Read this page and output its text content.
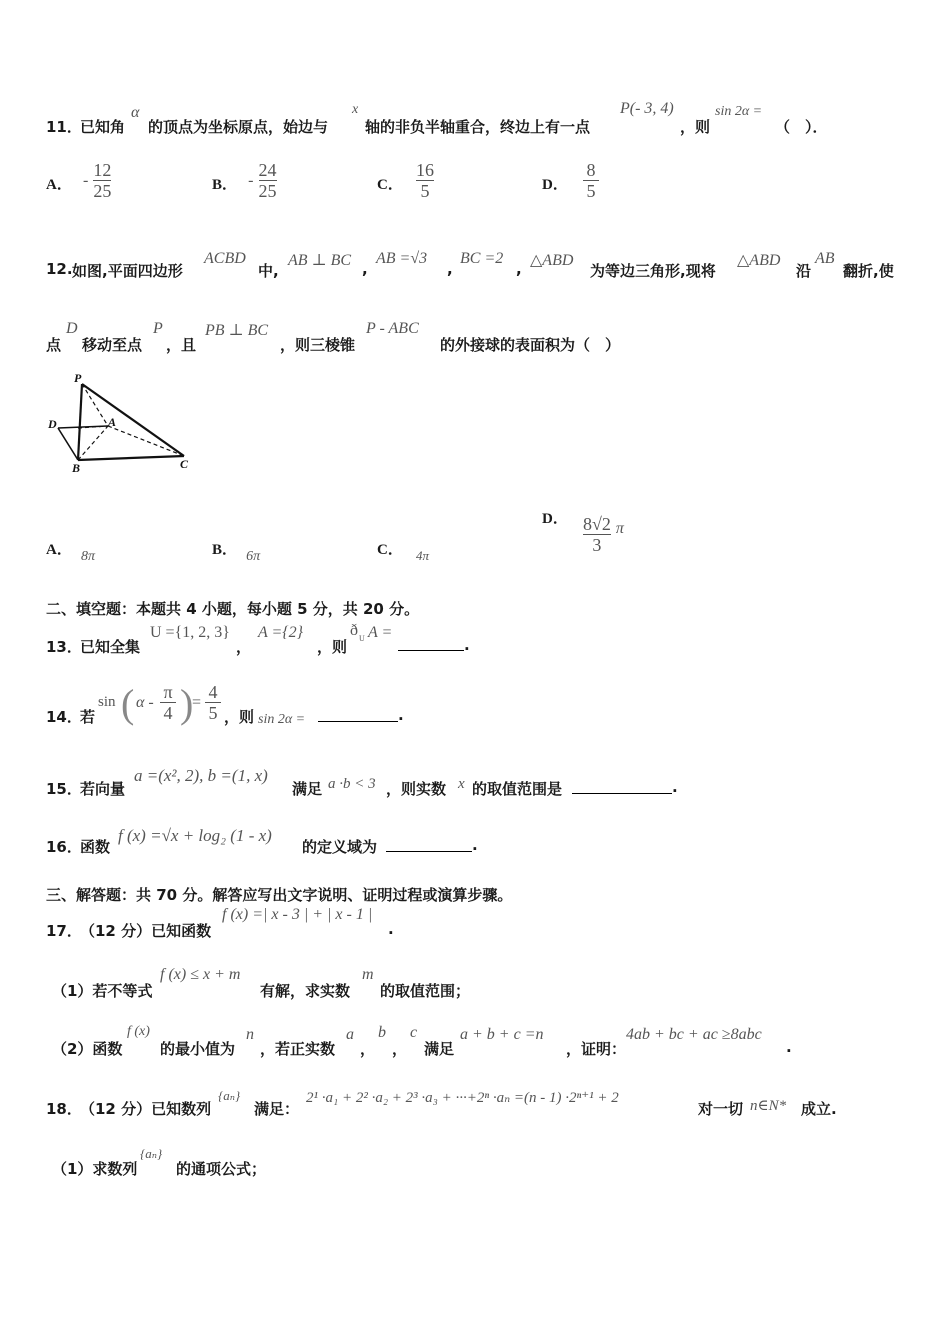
11．
已知角
α
的顶点为坐标原点，始边与
x
轴的非负半轴重合，终边上有一点
P(- 3, 4)
，则
sin 2α =
（　）．
A． - $\frac{12}{25}$	B． - $\frac{24}{25}$	C． $\frac{16}{5}$	D． $\frac{8}{5}$
12. 如图,平面四边形
ACBD
中,
AB ⊥ BC ,
AB =√3
,
BC =2
, △ABD
为等边三角形,现将
△ABD
沿
AB
翻折,使
点
D
移动至点
P
，且
PB ⊥ BC
，则三棱锥
P - ABC
的外接球的表面积为（　）
P
D	A
B	C
A． 8π	B． 6π	C． $_{4\pi}$
D． $\frac{8√2}{3}$ π
二、填空题：本题共 4 小题，每小题 5 分，共 20 分。
13．
已知全集
U ={1, 2, 3}
，
A ={2}
，则
ð U A =
.
14．
若
sin ( α -
π
4 )
=
4
5 ，则 sin 2α =	.
15．
若向量
a =(x², 2), b =(1, x)
满足 a ·b < 3 ，则实数 x 的取值范围是	.
16．
函数
f (x) =√x + log₂ (1 - x)
的定义域为	.
三、解答题：共 70 分。解答应写出文字说明、证明过程或演算步骤。
17．
（12 分）已知函数
f (x) =| x - 3 | + | x - 1 |
.
（1）若不等式
f (x) ≤ x + m
有解，求实数
m
的取值范围；
（2）函数
f (x)
的最小值为
n
，若正实数
a
，
b
，
c
满足
a + b + c =n
，证明：
4ab + bc + ac ≥8abc
.
18．
（12 分）已知数列
{aₙ}
满足：
2¹ ·a₁ + 2² ·a₂ + 2³ ·a₃ + ···+2ⁿ ·aₙ =(n - 1) ·2ⁿ⁺¹ + 2
对一切 n∈N* 成立.
（1）求数列
{aₙ}
的通项公式；
